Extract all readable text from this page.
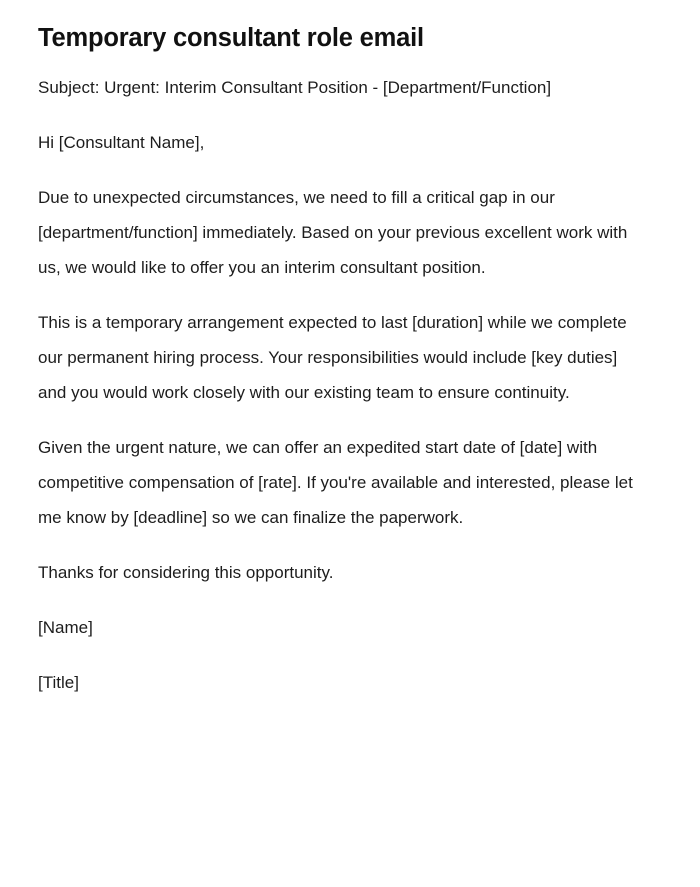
Temporary consultant role email

Subject: Urgent: Interim Consultant Position - [Department/Function]

Hi [Consultant Name],

Due to unexpected circumstances, we need to fill a critical gap in our [department/function] immediately. Based on your previous excellent work with us, we would like to offer you an interim consultant position.

This is a temporary arrangement expected to last [duration] while we complete our permanent hiring process. Your responsibilities would include [key duties] and you would work closely with our existing team to ensure continuity.

Given the urgent nature, we can offer an expedited start date of [date] with competitive compensation of [rate]. If you're available and interested, please let me know by [deadline] so we can finalize the paperwork.

Thanks for considering this opportunity.

[Name]

[Title]
